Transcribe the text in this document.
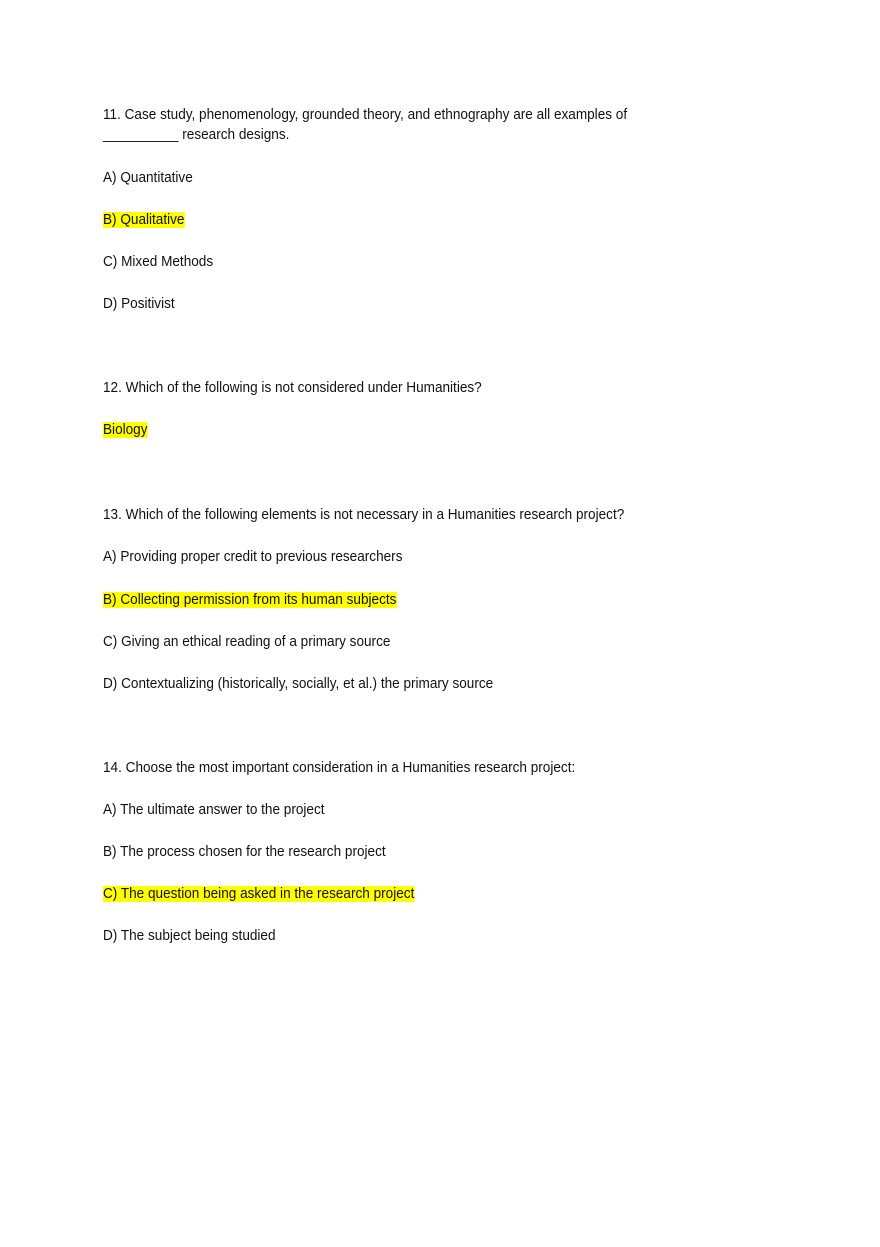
11. Case study, phenomenology, grounded theory, and ethnography are all examples of
__________ research designs.
A) Quantitative
B) Qualitative
C) Mixed Methods
D) Positivist
12. Which of the following is not considered under Humanities?
Biology
13. Which of the following elements is not necessary in a Humanities research project?
A) Providing proper credit to previous researchers
B) Collecting permission from its human subjects
C) Giving an ethical reading of a primary source
D) Contextualizing (historically, socially, et al.) the primary source
14. Choose the most important consideration in a Humanities research project:
A) The ultimate answer to the project
B) The process chosen for the research project
C) The question being asked in the research project
D) The subject being studied
